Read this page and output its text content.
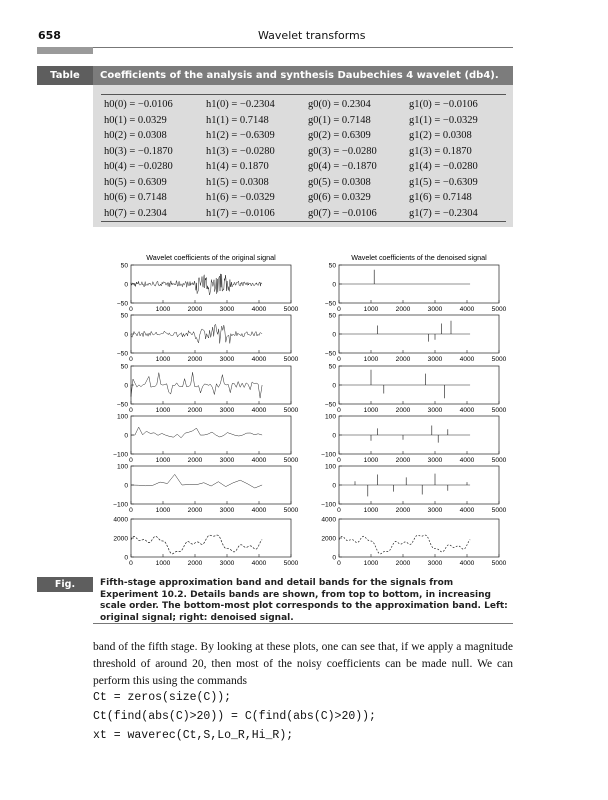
658	Wavelet transforms
Table 10.3.
Coefficients of the analysis and synthesis Daubechies 4 wavelet (db4).
h0(0) = −0.0106	h1(0) = −0.2304	g0(0) = 0.2304	g1(0) = −0.0106
h0(1) = 0.0329	h1(1) = 0.7148	g0(1) = 0.7148	g1(1) = −0.0329
h0(2) = 0.0308	h1(2) = −0.6309	g0(2) = 0.6309	g1(2) = 0.0308
h0(3) = −0.1870	h1(3) = −0.0280	g0(3) = −0.0280	g1(3) = 0.1870
h0(4) = −0.0280	h1(4) = 0.1870	g0(4) = −0.1870	g1(4) = −0.0280
h0(5) = 0.6309	h1(5) = 0.0308	g0(5) = 0.0308	g1(5) = −0.6309
h0(6) = 0.7148	h1(6) = −0.0329	g0(6) = 0.0329	g1(6) = 0.7148
h0(7) = 0.2304	h1(7) = −0.0106	g0(7) = −0.0106	g1(7) = −0.2304
Wavelet coefficients of the original signal
50
0
−50
0	1000	2000	3000	4000	5000
50
0
−50
0	1000	2000	3000	4000	5000
50
0
−50
0	1000	2000	3000	4000	5000
100
0
−100
0	1000	2000	3000	4000	5000
100
0
−100
0	1000	2000	3000	4000	5000
4000
2000
0
0	1000	2000	3000	4000	5000
Wavelet coefficients of the denoised signal
50
0
−50
0	1000	2000	3000	4000	5000
50
0
−50
0	1000	2000	3000	4000	5000
50
0
−50
0	1000	2000	3000	4000	5000
100
0
−100
0	1000	2000	3000	4000	5000
100
0
−100
0	1000	2000	3000	4000	5000
4000
2000
0
0	1000	2000	3000	4000	5000
Fig. 10.35.
Fifth-stage approximation band and detail bands for the signals from Experiment 10.2. Details bands are shown, from top to bottom, in increasing scale order. The bottom-most plot corresponds to the approximation band. Left: original signal; right: denoised signal.
band of the fifth stage. By looking at these plots, one can see that, if we apply a magnitude threshold of around 20, then most of the noisy coefficients can be made null. We can perform this using the commands
Ct = zeros(size(C));
Ct(find(abs(C)>20)) = C(find(abs(C)>20));
xt = waverec(Ct,S,Lo_R,Hi_R);
